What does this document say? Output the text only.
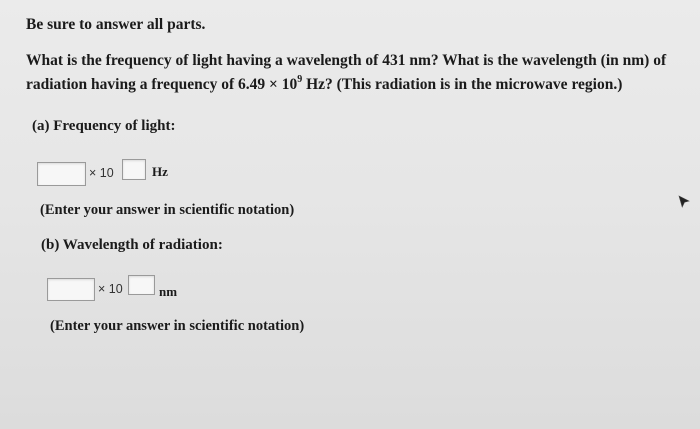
Be sure to answer all parts.
What is the frequency of light having a wavelength of 431 nm? What is the wavelength (in nm) of
radiation having a frequency of $6.49 \times 10^9$ Hz? (This radiation is in the microwave region.)
(a) Frequency of light:
× 10	Hz
(Enter your answer in scientific notation)
(b) Wavelength of radiation:
× 10	nm
(Enter your answer in scientific notation)
